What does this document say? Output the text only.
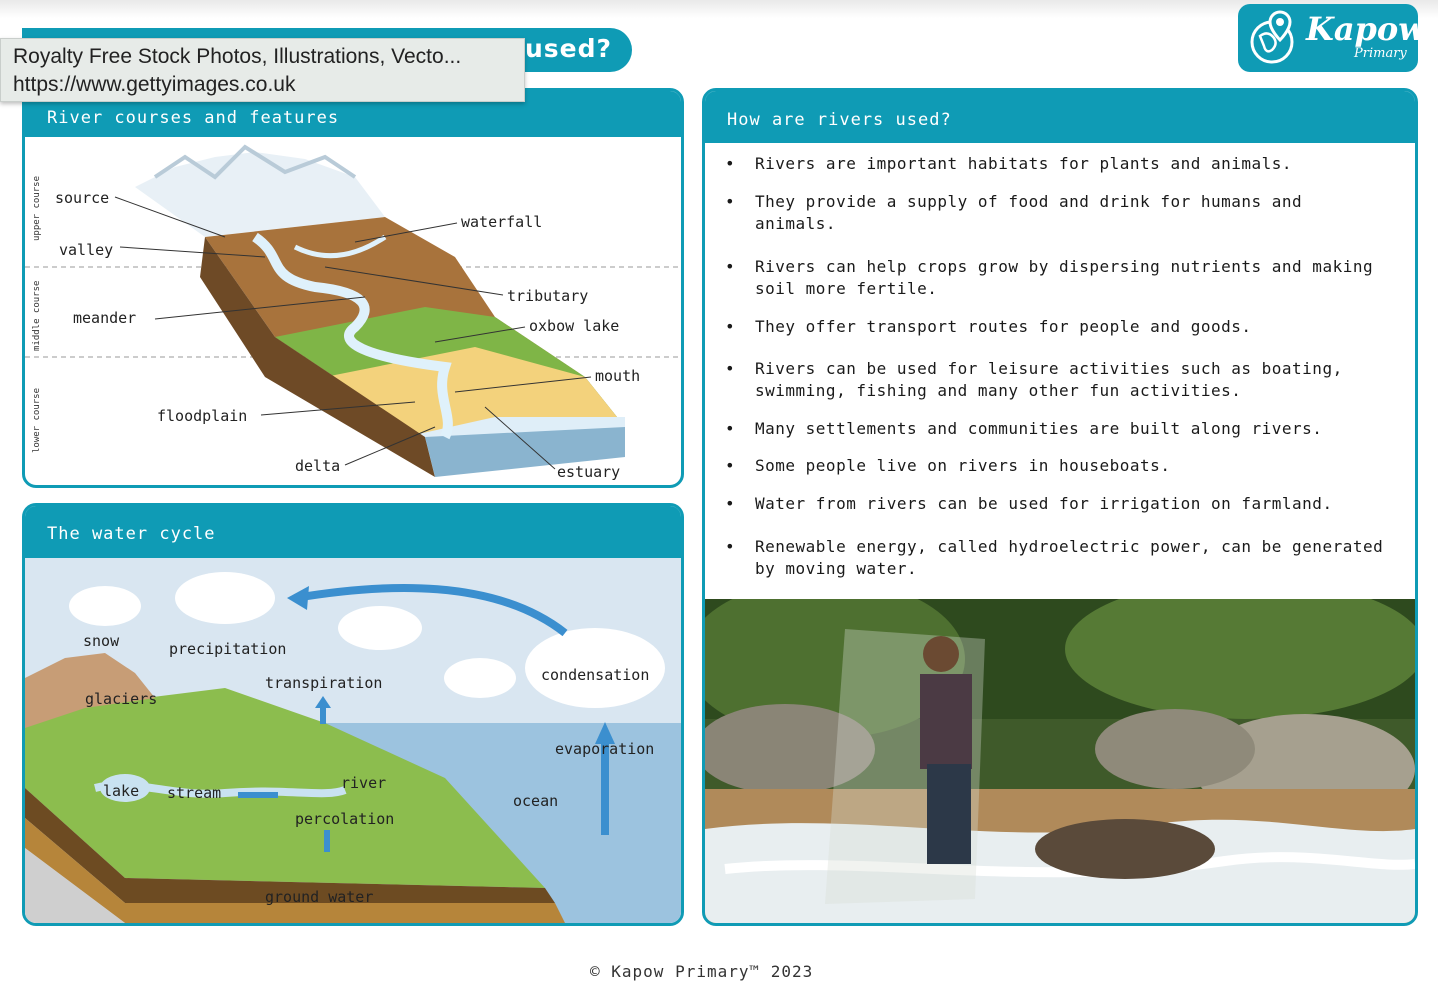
used?
Royalty Free Stock Photos, Illustrations, Vecto...
https://www.gettyimages.co.uk
Kapow
Primary
River courses and features
upper course
middle course
lower course
source
valley
meander
floodplain
delta
waterfall
tributary
oxbow lake
mouth
estuary
The water cycle
snow	precipitation
transpiration
glaciers
condensation
evaporation
lake stream
river
percolation
ocean
ground water
How are rivers used?
• Rivers are important habitats for plants and animals.
• They provide a supply of food and drink for humans and animals.
• Rivers can help crops grow by dispersing nutrients and making soil more fertile.
• They offer transport routes for people and goods.
• Rivers can be used for leisure activities such as boating, swimming, fishing and many other fun activities.
• Many settlements and communities are built along rivers.
• Some people live on rivers in houseboats.
• Water from rivers can be used for irrigation on farmland.
• Renewable energy, called hydroelectric power, can be generated by moving water.
© Kapow Primary™ 2023
